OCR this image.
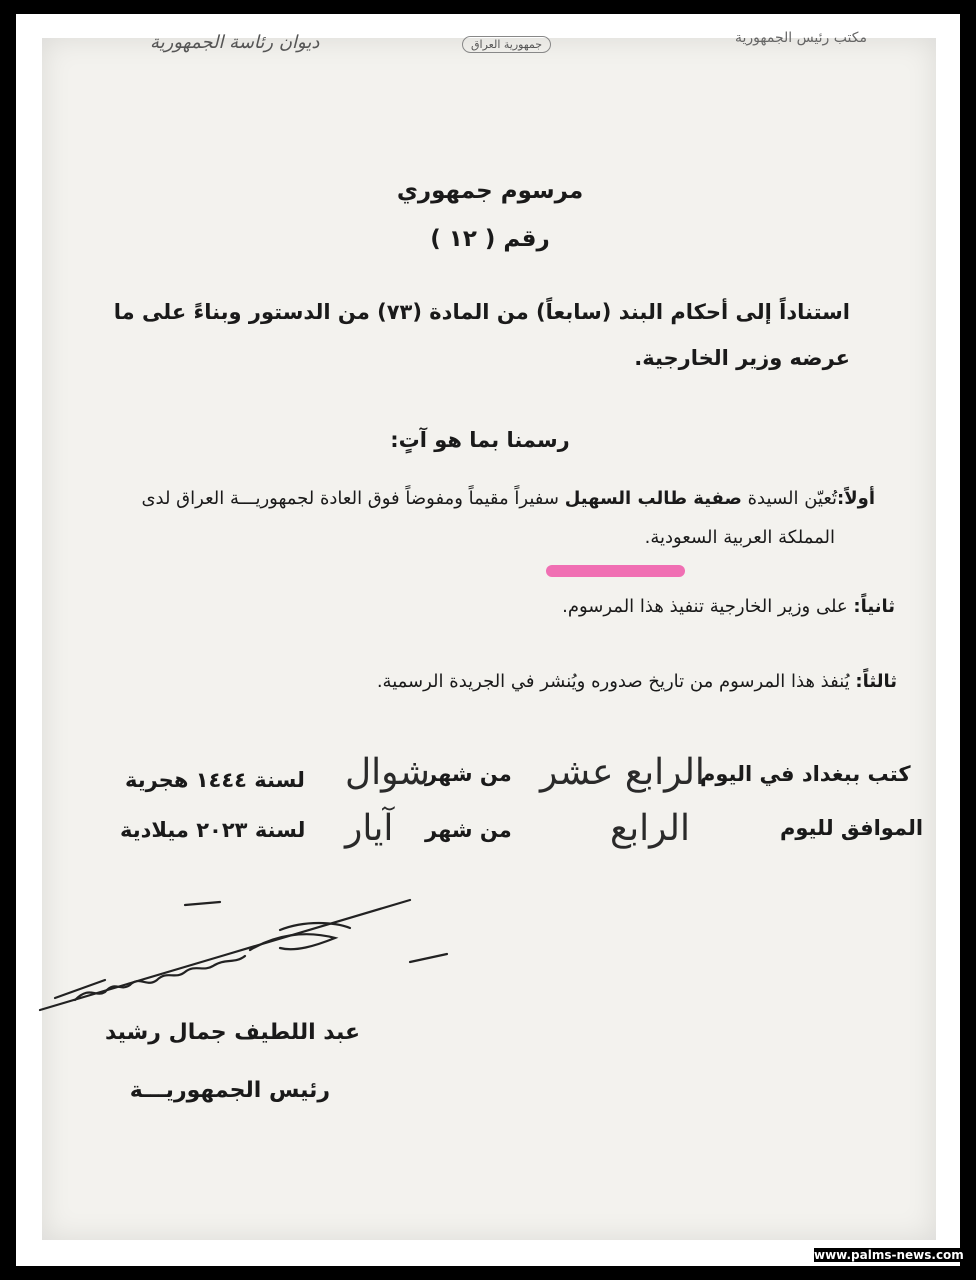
ديوان رئاسة الجمهورية	جمهورية العراق	مكتب رئيس الجمهورية
مرسوم جمهوري
رقم ( ١٢ )
استناداً إلى أحكام البند (سابعاً) من المادة (٧٣) من الدستور وبناءً على ما
عرضه وزير الخارجية.
رسمنا بما هو آتٍ:
أولاً:تُعيّن السيدة صفية طالب السهيل سفيراً مقيماً ومفوضاً فوق العادة لجمهوريـــة العراق لدى
المملكة العربية السعودية.
ثانياً: على وزير الخارجية تنفيذ هذا المرسوم.
ثالثاً: يُنفذ هذا المرسوم من تاريخ صدوره ويُنشر في الجريدة الرسمية.
كتب ببغداد في اليوم
الرابع عشر
من شهر
شوال
لسنة ١٤٤٤ هجرية
الموافق لليوم
الرابع
من شهر
آيار
لسنة ٢٠٢٣ ميلادية
عبد اللطيف جمال رشيد
رئيس الجمهوريـــة
www.palms-news.com
